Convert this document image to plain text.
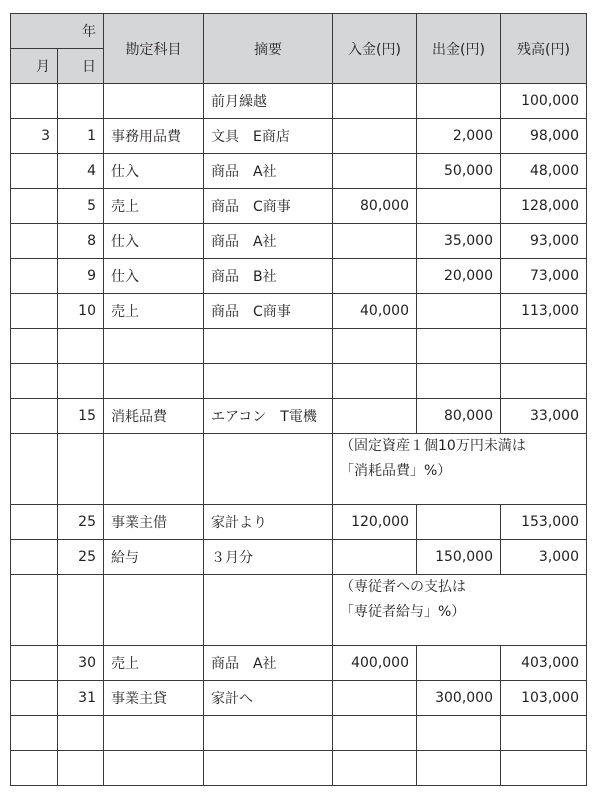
年		勘定科目	摘要	入金(円)	出金(円)	残高(円)
月	日					
			前月繰越			100,000
3	1	事務用品費	文具　E商店		2,000	98,000
	4	仕入	商品　A社		50,000	48,000
	5	売上	商品　C商事	80,000		128,000
	8	仕入	商品　A社		35,000	93,000
	9	仕入	商品　B社		20,000	73,000
	10	売上	商品　C商事	40,000		113,000

	15	消耗品費	エアコン　T電機		80,000	33,000

				（固定資産１個10万円未満は
「消耗品費」%）		

	25	事業主借	家計より	120,000		153,000
	25	給与	３月分		150,000	3,000

				（専従者への支払は
「専従者給与」%）		

	30	売上	商品　A社	400,000		403,000
	31	事業主貸	家計へ		300,000	103,000
